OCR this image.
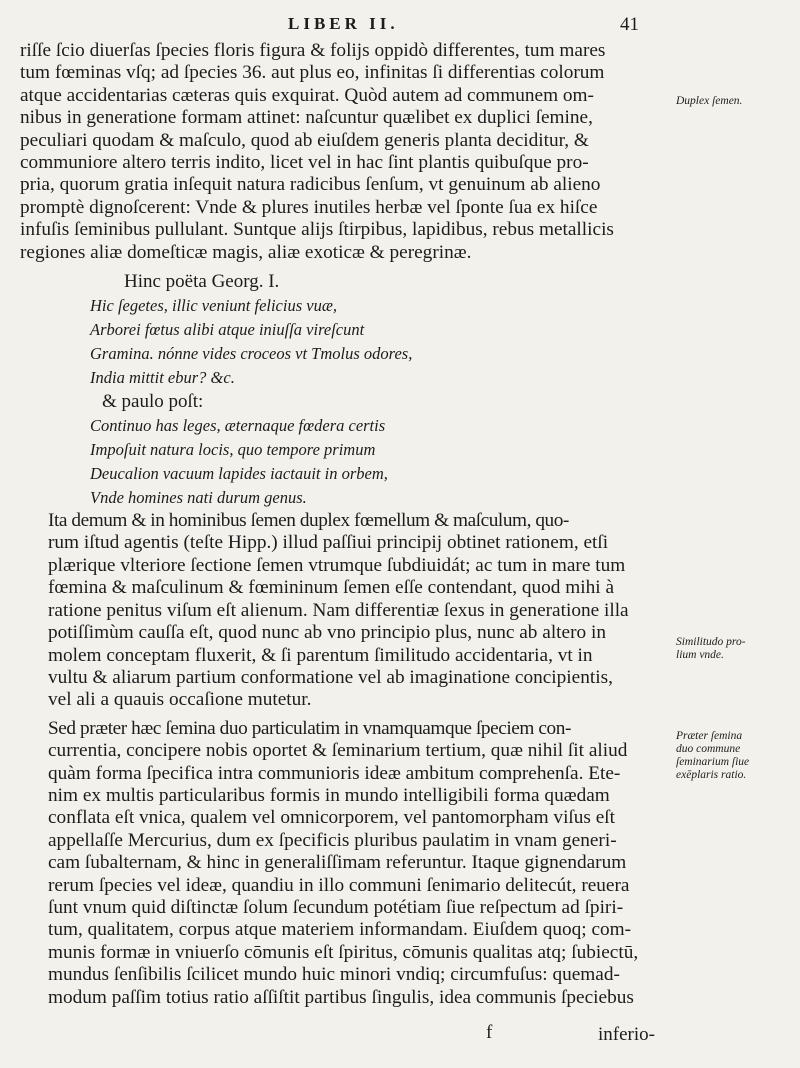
LIBER II.	41
riſſe ſcio diuerſas ſpecies floris figura & folijs oppidò differentes, tum mares
tum fœminas vſq; ad ſpecies 36. aut plus eo, infinitas ſi differentias colorum
atque accidentarias cæteras quis exquirat. Quòd autem ad communem om-
nibus in generatione formam attinet: naſcuntur quælibet ex duplici ſemine,
peculiari quodam & maſculo, quod ab eiuſdem generis planta deciditur, &
communiore altero terris indito, licet vel in hac ſint plantis quibuſque pro-
pria, quorum gratia inſequit natura radicibus ſenſum, vt genuinum ab alieno
promptè dignoſcerent: Vnde & plures inutiles herbæ vel ſponte ſua ex hiſce
infuſis ſeminibus pullulant. Suntque alijs ſtirpibus, lapidibus, rebus metallicis
regiones aliæ domeſticæ magis, aliæ exoticæ & peregrinæ.
Hinc poëta Georg. I.
Hic ſegetes, illic veniunt felicius vuæ,
Arborei fœtus alibi atque iniuſſa vireſcunt
Gramina. nónne vides croceos vt Tmolus odores,
India mittit ebur? &c.
& paulo poſt:
Continuo has leges, æternaque fœdera certis
Impoſuit natura locis, quo tempore primum
Deucalion vacuum lapides iactauit in orbem,
Vnde homines nati durum genus.
Ita demum & in hominibus ſemen duplex fœmellum & maſculum, quo-
rum iſtud agentis (teſte Hipp.) illud paſſiui principij obtinet rationem, etſi
plærique vlteriore ſectione ſemen vtrumque ſubdiuidát; ac tum in mare tum
fœmina & maſculinum & fœmininum ſemen eſſe contendant, quod mihi à
ratione penitus viſum eſt alienum. Nam differentiæ ſexus in generatione illa
potiſſimùm cauſſa eſt, quod nunc ab vno principio plus, nunc ab altero in
molem conceptam fluxerit, & ſi parentum ſimilitudo accidentaria, vt in
vultu & aliarum partium conformatione vel ab imaginatione concipientis,
vel ali a quauis occaſione mutetur.
Sed præter hæc ſemina duo particulatim in vnamquamque ſpeciem con-
currentia, concipere nobis oportet & ſeminarium tertium, quæ nihil ſit aliud
quàm forma ſpecifica intra communioris ideæ ambitum comprehenſa. Ete-
nim ex multis particularibus formis in mundo intelligibili forma quædam
conflata eſt vnica, qualem vel omnicorporem, vel pantomorpham viſus eſt
appellaſſe Mercurius, dum ex ſpecificis pluribus paulatim in vnam generi-
cam ſubalternam, & hinc in generaliſſimam referuntur. Itaque gignendarum
rerum ſpecies vel ideæ, quandiu in illo communi ſenimario delitecút, reuera
ſunt vnum quid diſtinctæ ſolum ſecundum potétiam ſiue reſpectum ad ſpiri-
tum, qualitatem, corpus atque materiem informandam. Eiuſdem quoq; com-
munis formæ in vniuerſo cōmunis eſt ſpiritus, cōmunis qualitas atq; ſubiectū,
mundus ſenſibilis ſcilicet mundo huic minori vndiq; circumfuſus: quemad-
modum paſſim totius ratio aſſiſtit partibus ſingulis, idea communis ſpeciebus
Duplex ſemen.
Similitudo pro-
lium vnde.
Præter ſemina
duo commune
ſeminarium ſiue
exēplaris ratio.
f	inferio-
